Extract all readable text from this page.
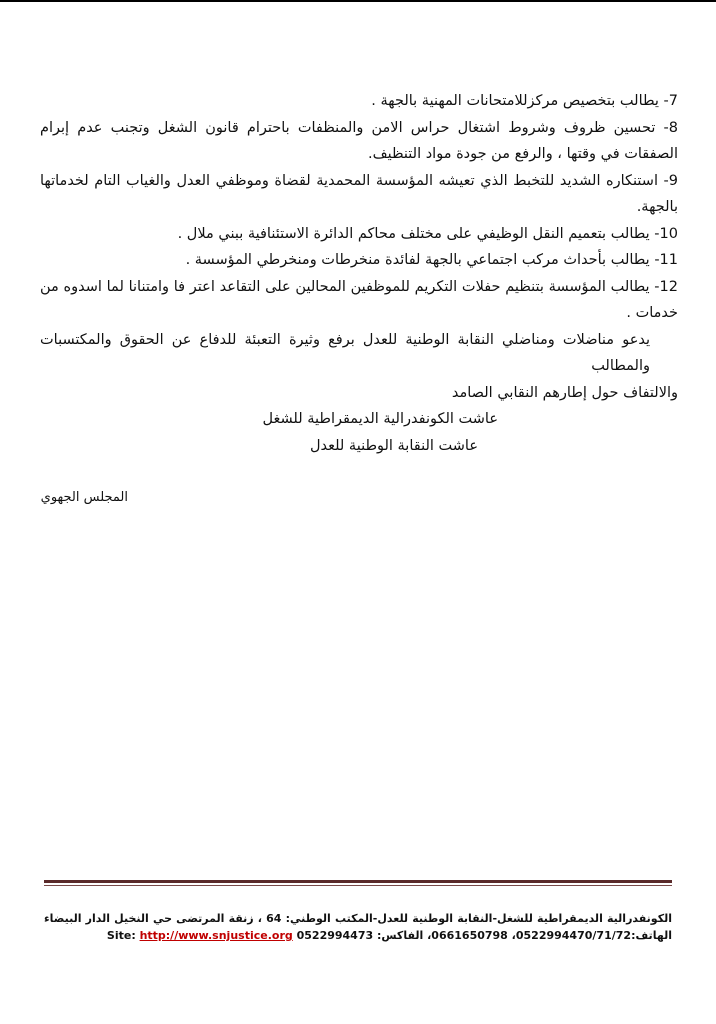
7- يطالب بتخصيص مركزللامتحانات المهنية بالجهة .

8- تحسين ظروف وشروط اشتغال حراس الامن والمنظفات باحترام قانون الشغل وتجنب عدم إبرام الصفقات في وقتها ، والرفع من جودة مواد التنظيف.

9- استنكاره الشديد للتخبط الذي تعيشه المؤسسة المحمدية لقضاة وموظفي العدل والغياب التام لخدماتها بالجهة.

10- يطالب بتعميم النقل الوظيفي على مختلف محاكم الدائرة الاستئنافية ببني ملال .

11- يطالب بأحداث مركب اجتماعي بالجهة لفائدة منخرطات ومنخرطي المؤسسة .

12- يطالب المؤسسة بتنظيم حفلات التكريم للموظفين المحالين على التقاعد اعتر فا وامتنانا لما اسدوه من خدمات .

يدعو مناضلات ومناضلي النقابة الوطنية للعدل برفع وثيرة التعبئة للدفاع عن الحقوق والمكتسبات والمطالب

والالتفاف حول إطارهم النقابي الصامد

عاشت الكونفدرالية الديمقراطية للشغل

عاشت النقابة الوطنية للعدل

المجلس الجهوي
الكونفدرالية الديمقراطية للشغل-النقابة الوطنية للعدل-المكتب الوطني: 64 ، زنقة المرتضى حي النخيل الدار البيضاء
الهاتف:0522994470/71/72، 0661650798، الفاكس: 0522994473 Site: http://www.snjustice.org
